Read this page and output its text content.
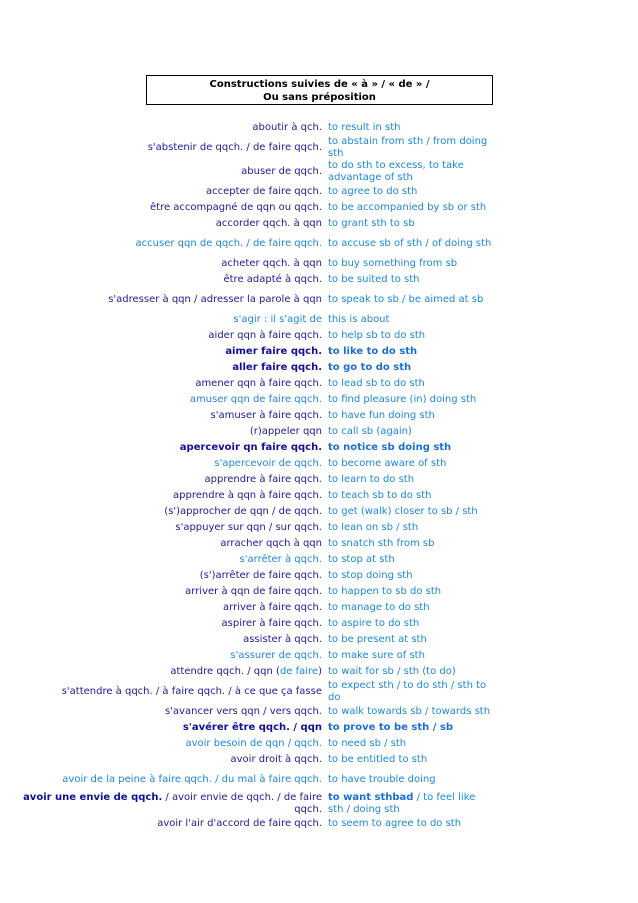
Constructions suivies de « à » / « de » /
Ou sans préposition
aboutir à qch. to result in sth
s'abstenir de qqch. / de faire qqch.
to abstain from sth / from doing sth
abuser de qqch.
to do sth to excess, to take advantage of sth
accepter de faire qqch. to agree to do sth
être accompagné de qqn ou qqch. to be accompanied by sb or sth
accorder qqch. à qqn to grant sth to sb
accuser qqn de qqch. / de faire qqch. to accuse sb of sth / of doing sth
acheter qqch. à qqn to buy something from sb
être adapté à qqch. to be suited to sth
s'adresser à qqn / adresser la parole à qqn to speak to sb / be aimed at sb
s'agir : il s'agit de this is about
aider qqn à faire qqch. to help sb to do sth
aimer faire qqch. to like to do sth
aller faire qqch. to go to do sth
amener qqn à faire qqch. to lead sb to do sth
amuser qqn de faire qqch. to find pleasure (in) doing sth
s'amuser à faire qqch. to have fun doing sth
(r)appeler qqn to call sb (again)
apercevoir qn faire qqch. to notice sb doing sth
s'apercevoir de qqch. to become aware of sth
apprendre à faire qqch. to learn to do sth
apprendre à qqn à faire qqch. to teach sb to do sth
(s')approcher de qqn / de qqch. to get (walk) closer to sb / sth
s'appuyer sur qqn / sur qqch. to lean on sb / sth
arracher qqch à qqn to snatch sth from sb
s'arrêter à qqch. to stop at sth
(s')arrêter de faire qqch. to stop doing sth
arriver à qqn de faire qqch. to happen to sb do sth
arriver à faire qqch. to manage to do sth
aspirer à faire qqch. to aspire to do sth
assister à qqch. to be present at sth
s'assurer de qqch. to make sure of sth
attendre qqch. / qqn (de faire) to wait for sb / sth (to do)
s'attendre à qqch. / à faire qqch. / à ce que ça fasse
to expect sth / to do sth / sth to do
s'avancer vers qqn / vers qqch. to walk towards sb / towards sth
s'avérer être qqch. / qqn to prove to be sth / sb
avoir besoin de qqn / qqch. to need sb / sth
avoir droit à qqch. to be entitled to sth
avoir de la peine à faire qqch. / du mal à faire qqch. to have trouble doing
avoir une envie de qqch. / avoir envie de qqch. / de faire qqch.
to want sthbad / to feel like sth / doing sth
avoir l'air d'accord de faire qqch. to seem to agree to do sth
